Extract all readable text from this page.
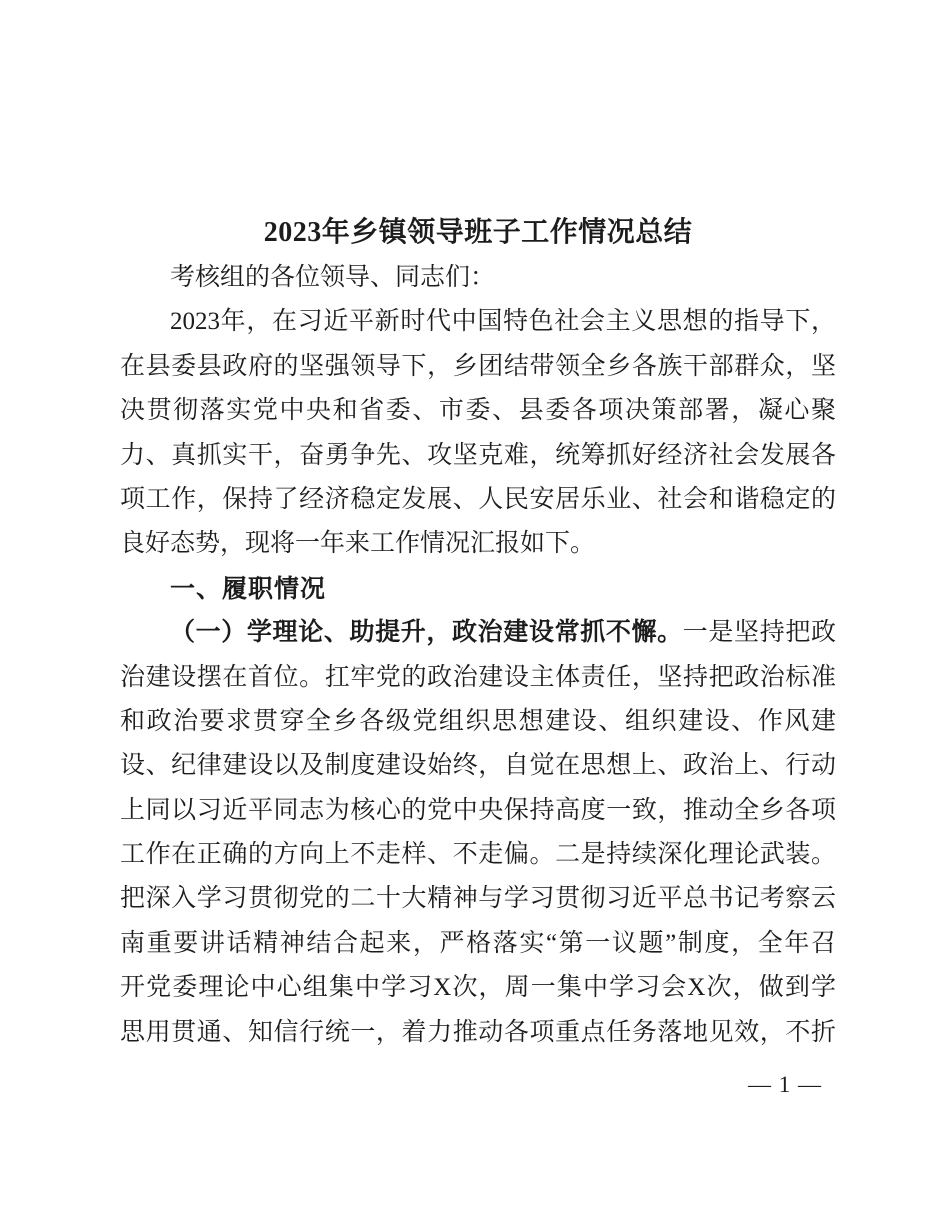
2023年乡镇领导班子工作情况总结
考核组的各位领导、同志们：
2023年，在习近平新时代中国特色社会主义思想的指导下，
在县委县政府的坚强领导下，乡团结带领全乡各族干部群众，坚
决贯彻落实党中央和省委、市委、县委各项决策部署，凝心聚
力、真抓实干，奋勇争先、攻坚克难，统筹抓好经济社会发展各
项工作，保持了经济稳定发展、人民安居乐业、社会和谐稳定的
良好态势，现将一年来工作情况汇报如下。
一、履职情况
（一）学理论、助提升，政治建设常抓不懈。一是坚持把政
治建设摆在首位。扛牢党的政治建设主体责任，坚持把政治标准
和政治要求贯穿全乡各级党组织思想建设、组织建设、作风建
设、纪律建设以及制度建设始终，自觉在思想上、政治上、行动
上同以习近平同志为核心的党中央保持高度一致，推动全乡各项
工作在正确的方向上不走样、不走偏。二是持续深化理论武装。
把深入学习贯彻党的二十大精神与学习贯彻习近平总书记考察云
南重要讲话精神结合起来，严格落实“第一议题”制度，全年召
开党委理论中心组集中学习X次，周一集中学习会X次，做到学
思用贯通、知信行统一，着力推动各项重点任务落地见效，不折
— 1 —
